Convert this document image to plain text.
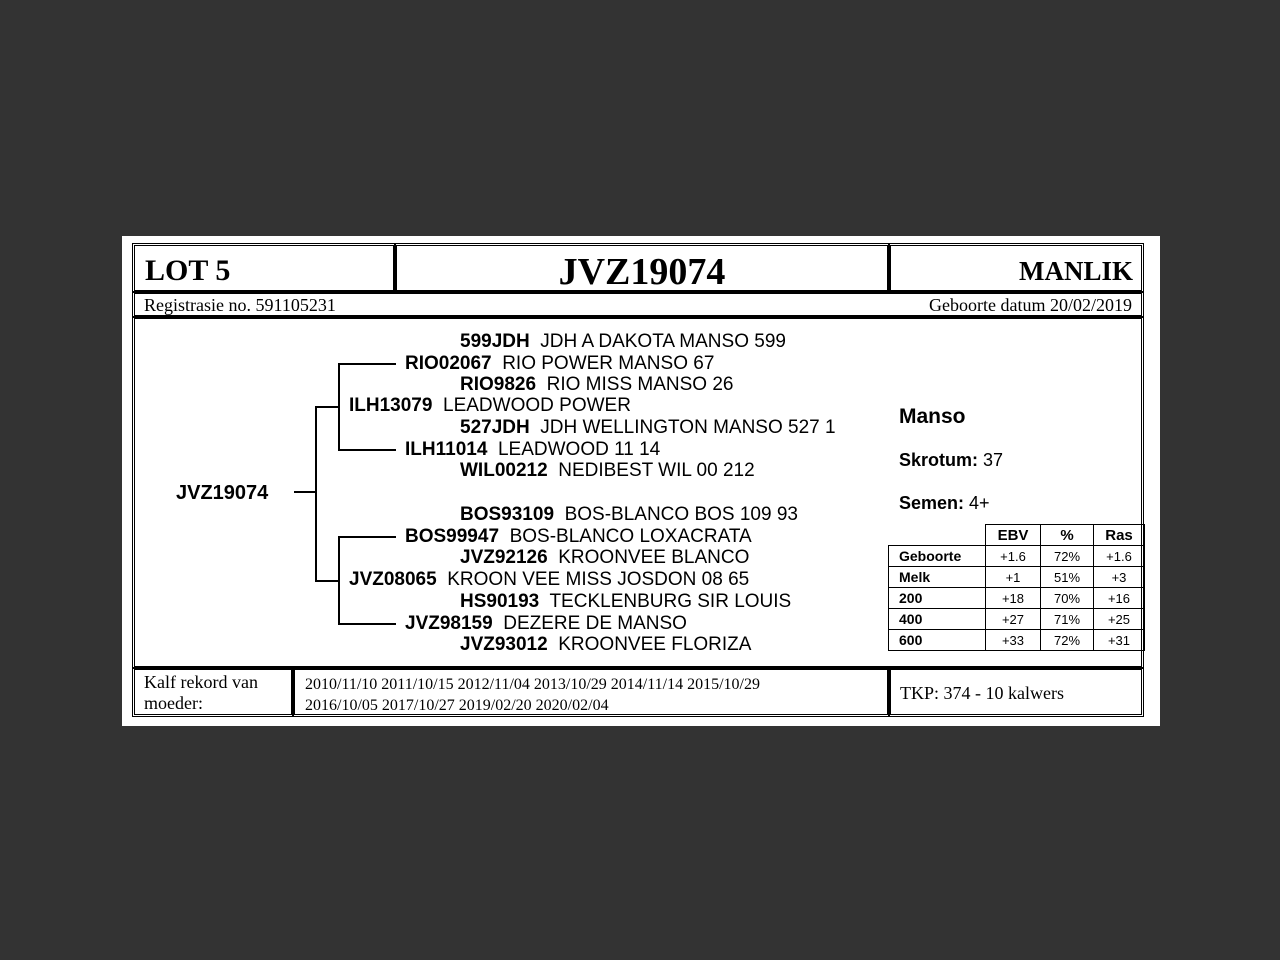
LOT 5	JVZ19074	MANLIK
Registrasie no. 591105231	Geboorte datum 20/02/2019
JVZ19074
599JDH JDH A DAKOTA MANSO 599
RIO02067 RIO POWER MANSO 67
RIO9826 RIO MISS MANSO 26
ILH13079 LEADWOOD POWER
527JDH JDH WELLINGTON MANSO 527 1
ILH11014 LEADWOOD 11 14
WIL00212 NEDIBEST WIL 00 212
BOS93109 BOS-BLANCO BOS 109 93
BOS99947 BOS-BLANCO LOXACRATA
JVZ92126 KROONVEE BLANCO
JVZ08065 KROON VEE MISS JOSDON 08 65
HS90193 TECKLENBURG SIR LOUIS
JVZ98159 DEZERE DE MANSO
JVZ93012 KROONVEE FLORIZA
Manso
Skrotum: 37
Semen: 4+
	EBV	%	Ras
Geboorte	+1.6	72%	+1.6
Melk	+1	51%	+3
200	+18	70%	+16
400	+27	71%	+25
600	+33	72%	+31
Kalf rekord van
moeder:
2010/11/10 2011/10/15 2012/11/04 2013/10/29 2014/11/14 2015/10/29
2016/10/05 2017/10/27 2019/02/20 2020/02/04
TKP: 374 - 10 kalwers
